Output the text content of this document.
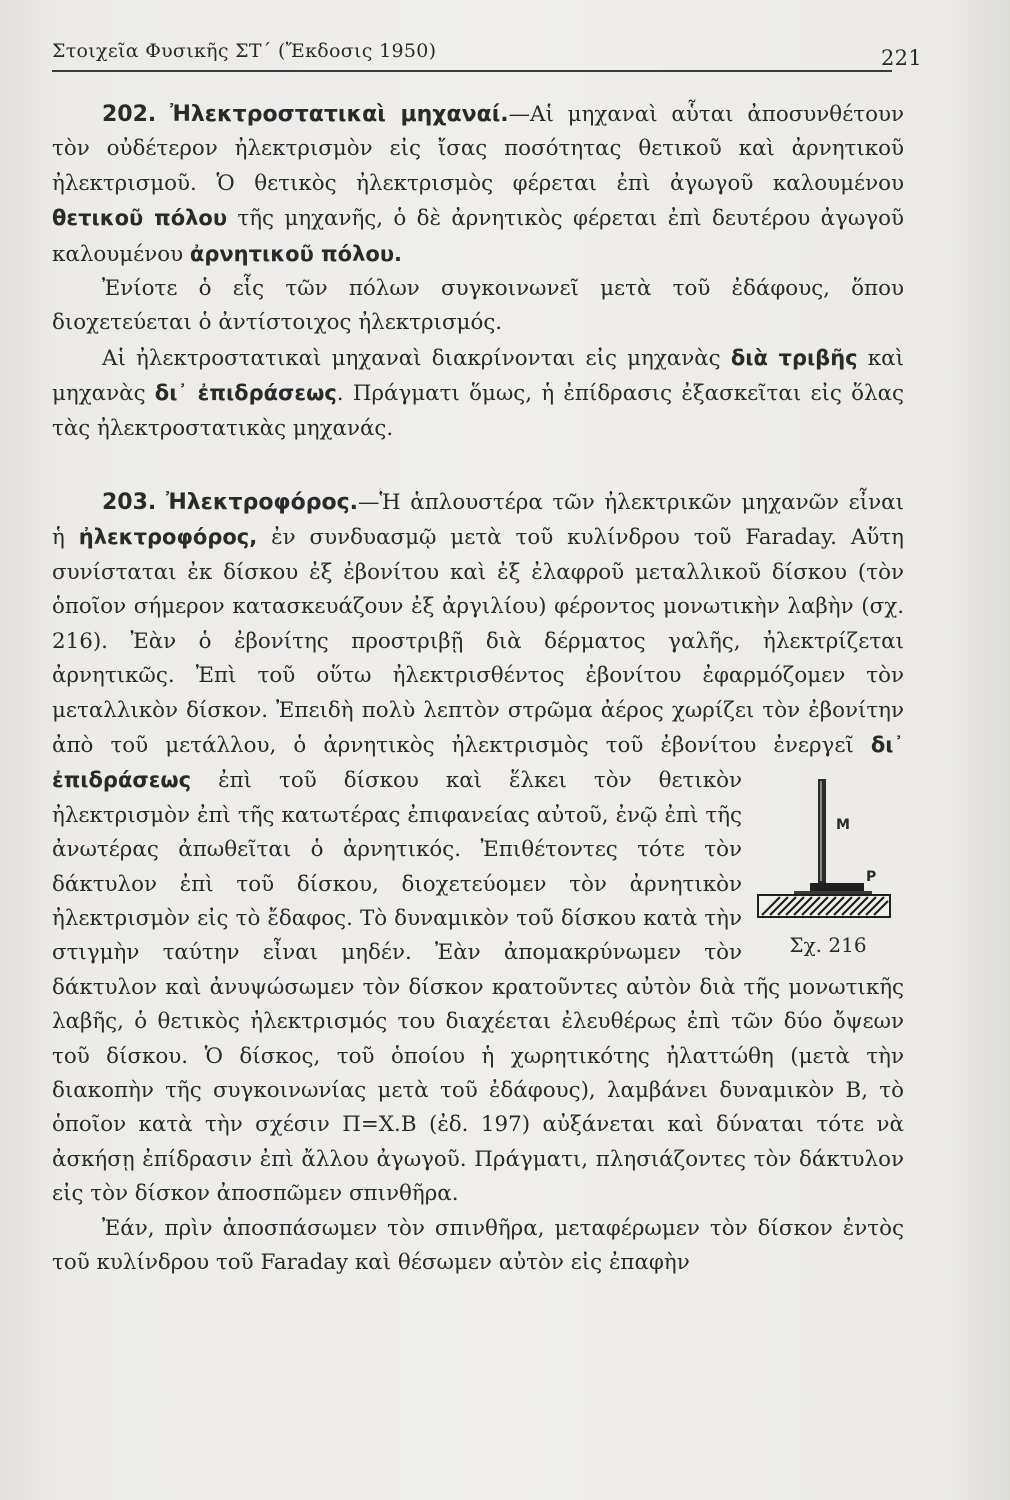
Στοιχεῖα Φυσικῆς ΣΤ΄ (Ἔκδοσις 1950)	221

202. Ἠλεκτροστατικαὶ μηχαναί.—Αἱ μηχαναὶ αὗται ἀποσυνθέτουν τὸν οὐδέτερον ἠλεκτρισμὸν εἰς ἴσας ποσότητας θετικοῦ καὶ ἀρνητικοῦ ἠλεκτρισμοῦ. Ὁ θετικὸς ἠλεκτρισμὸς φέρεται ἐπὶ ἀγωγοῦ καλουμένου θετικοῦ πόλου τῆς μηχανῆς, ὁ δὲ ἀρνητικὸς φέρεται ἐπὶ δευτέρου ἀγωγοῦ καλουμένου ἀρνητικοῦ πόλου.

Ἐνίοτε ὁ εἷς τῶν πόλων συγκοινωνεῖ μετὰ τοῦ ἐδάφους, ὅπου διοχετεύεται ὁ ἀντίστοιχος ἠλεκτρισμός.

Αἱ ἠλεκτροστατικαὶ μηχαναὶ διακρίνονται εἰς μηχανὰς διὰ τριβῆς καὶ μηχανὰς δι᾿ ἐπιδράσεως. Πράγματι ὅμως, ἡ ἐπίδρασις ἐξασκεῖται εἰς ὅλας τὰς ἠλεκτροστατικὰς μηχανάς.

203. Ἠλεκτροφόρος.—Ἡ ἁπλουστέρα τῶν ἠλεκτρικῶν μηχανῶν εἶναι ἡ ἠλεκτροφόρος, ἐν συνδυασμῷ μετὰ τοῦ κυλίνδρου τοῦ Faraday. Αὕτη συνίσταται ἐκ δίσκου ἐξ ἐβονίτου καὶ ἐξ ἐλαφροῦ μεταλλικοῦ δίσκου (τὸν ὁποῖον σήμερον κατασκευάζουν ἐξ ἀργιλίου) φέροντος μονωτικὴν λαβὴν (σχ. 216). Ἐὰν ὁ ἐβονίτης προστριβῇ διὰ δέρματος γαλῆς, ἠλεκτρίζεται ἀρνητικῶς. Ἐπὶ τοῦ οὕτω ἠλεκτρισθέντος ἐβονίτου ἐφαρμόζομεν τὸν μεταλλικὸν δίσκον. Ἐπειδὴ πολὺ λεπτὸν στρῶμα ἀέρος χωρίζει τὸν ἐβονίτην ἀπὸ τοῦ μετάλλου, ὁ ἀρνητικὸς ἠλεκτρισμὸς τοῦ ἐβονίτου ἐνεργεῖ δι᾿ ἐπιδράσεως
M
P
Σχ. 216
ἐπὶ τοῦ δίσκου καὶ ἕλκει τὸν θετικὸν ἠλεκτρισμὸν ἐπὶ τῆς κατωτέρας ἐπιφανείας αὐτοῦ, ἐνῷ ἐπὶ τῆς ἀνωτέρας ἀπωθεῖται ὁ ἀρνητικός. Ἐπιθέτοντες τότε τὸν δάκτυλον ἐπὶ τοῦ δίσκου, διοχετεύομεν τὸν ἀρνητικὸν ἠλεκτρισμὸν εἰς τὸ ἔδαφος. Τὸ δυναμικὸν τοῦ δίσκου κατὰ τὴν στιγμὴν ταύτην εἶναι μηδέν. Ἐὰν ἀπομακρύνωμεν τὸν δάκτυλον καὶ ἀνυψώσωμεν τὸν δίσκον κρατοῦντες αὐτὸν διὰ τῆς μονωτικῆς λαβῆς, ὁ θετικὸς ἠλεκτρισμός του διαχέεται ἐλευθέρως ἐπὶ τῶν δύο ὄψεων τοῦ δίσκου. Ὁ δίσκος, τοῦ ὁποίου ἡ χωρητικότης ἠλαττώθη (μετὰ τὴν διακοπὴν τῆς συγκοινωνίας μετὰ τοῦ ἐδάφους), λαμβάνει δυναμικὸν Β, τὸ ὁποῖον κατὰ τὴν σχέσιν Π=Χ.Β (ἐδ. 197) αὐξάνεται καὶ δύναται τότε νὰ ἀσκήσῃ ἐπίδρασιν ἐπὶ ἄλλου ἀγωγοῦ. Πράγματι, πλησιάζοντες τὸν δάκτυλον εἰς τὸν δίσκον ἀποσπῶμεν σπινθῆρα.

Ἐάν, πρὶν ἀποσπάσωμεν τὸν σπινθῆρα, μεταφέρωμεν τὸν δίσκον ἐντὸς τοῦ κυλίνδρου τοῦ Faraday καὶ θέσωμεν αὐτὸν εἰς ἐπαφὴν
